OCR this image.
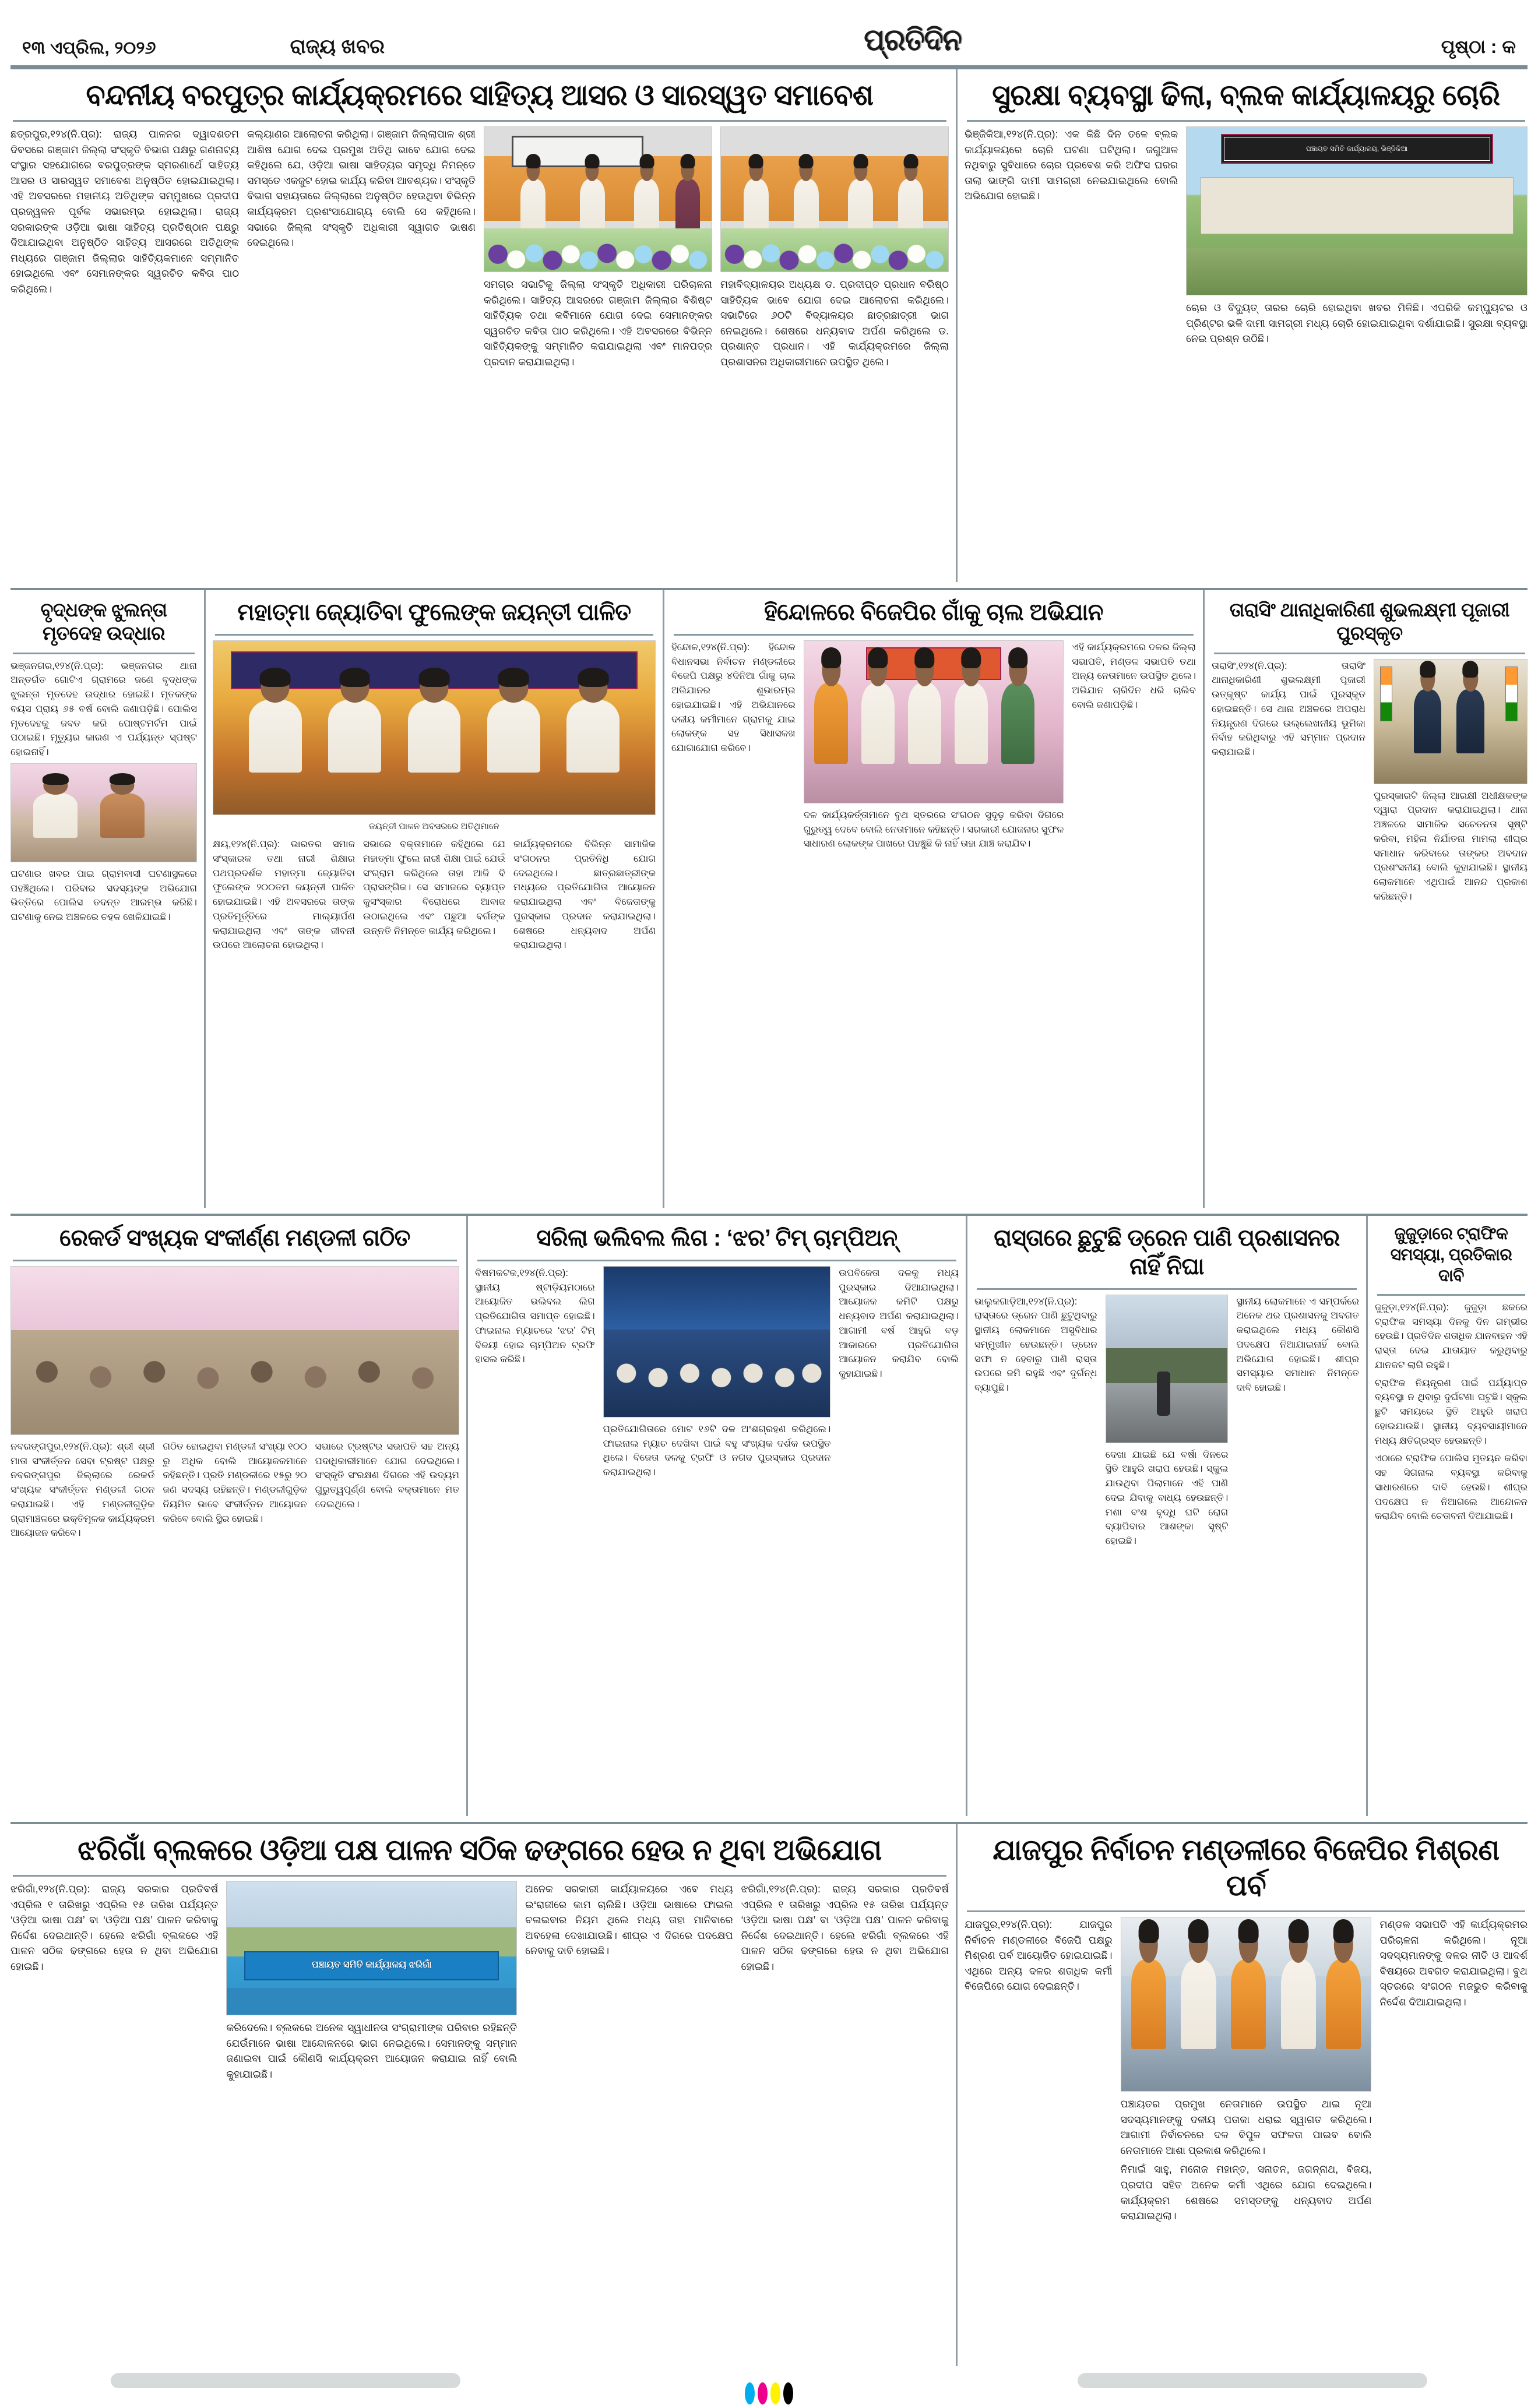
୧୩ ଏପ୍ରିଲ, ୨୦୨୬	ରାଜ୍ୟ ଖବର	ପ୍ରତିଦିନ	ପୃଷ୍ଠା : କ
ବନ୍ଦନୀୟ ବରପୁତ୍ର କାର୍ଯ୍ୟକ୍ରମରେ ସାହିତ୍ୟ ଆସର ଓ ସାରସ୍ୱତ ସମାବେଶ

ଛତ୍ରପୁର,୧୨୪(ନି.ପ୍ର): ରାଜ୍ୟ ପାଳନର ଦ୍ୱାଦଶତମ ଦିବସରେ ଗଞ୍ଜାମ ଜିଲ୍ଲା ସଂସ୍କୃତି ବିଭାଗ ପକ୍ଷରୁ ଗଣନାଟ୍ୟ ସଂସ୍ଥାର ସହଯୋଗରେ ବରପୁତ୍ରଙ୍କ ସ୍ମରଣାର୍ଥେ ସାହିତ୍ୟ ଆସର ଓ ସାରସ୍ୱତ ସମାବେଶ ଅନୁଷ୍ଠିତ ହୋଇଯାଇଥିଲା। ଏହି ଅବସରରେ ମହାନୀୟ ଅତିଥିଙ୍କ ସମ୍ମୁଖରେ ପ୍ରଦୀପ ପ୍ରଜ୍ୱଳନ ପୂର୍ବକ ସଭାରମ୍ଭ ହୋଇଥିଲା। ରାଜ୍ୟ ସରକାରଙ୍କ ଓଡ଼ିଆ ଭାଷା ସାହିତ୍ୟ ପ୍ରତିଷ୍ଠାନ ପକ୍ଷରୁ ଦିଆଯାଇଥିବା ଅନୁଷ୍ଠିତ ସାହିତ୍ୟ ଆସରରେ ଅତିଥିଙ୍କ ମଧ୍ୟରେ ଗଞ୍ଜାମ ଜିଲ୍ଲାର ସାହିତ୍ୟିକମାନେ ସମ୍ମାନିତ ହୋଇଥିଲେ ଏବଂ ସେମାନଙ୍କର ସ୍ୱରଚିତ କବିତା ପାଠ କରିଥିଲେ।

କଲ୍ୟାଣର ଆଲୋଚନା କରିଥିଲା। ଗଞ୍ଜାମ ଜିଲ୍ଲାପାଳ ଶ୍ରୀ ଆଶିଷ ଯୋଗ ଦେଇ ପ୍ରମୁଖ ଅତିଥି ଭାବେ ଯୋଗ ଦେଇ କହିଥିଲେ ଯେ, ଓଡ଼ିଆ ଭାଷା ସାହିତ୍ୟର ସମୃଦ୍ଧି ନିମନ୍ତେ ସମସ୍ତେ ଏକଜୁଟ ହୋଇ କାର୍ଯ୍ୟ କରିବା ଆବଶ୍ୟକ। ସଂସ୍କୃତି ବିଭାଗ ସହାୟତାରେ ଜିଲ୍ଲାରେ ଅନୁଷ୍ଠିତ ହେଉଥିବା ବିଭିନ୍ନ କାର୍ଯ୍ୟକ୍ରମ ପ୍ରଶଂସାଯୋଗ୍ୟ ବୋଲି ସେ କହିଥିଲେ। ସଭାରେ ଜିଲ୍ଲା ସଂସ୍କୃତି ଅଧିକାରୀ ସ୍ୱାଗତ ଭାଷଣ ଦେଇଥିଲେ।

ସମଗ୍ର ସଭାଟିକୁ ଜିଲ୍ଲା ସଂସ୍କୃତି ଅଧିକାରୀ ପରିଚାଳନା କରିଥିଲେ। ସାହିତ୍ୟ ଆସରରେ ଗଞ୍ଜାମ ଜିଲ୍ଲାର ବିଶିଷ୍ଟ ସାହିତ୍ୟିକ ତଥା କବିମାନେ ଯୋଗ ଦେଇ ସେମାନଙ୍କର ସ୍ୱରଚିତ କବିତା ପାଠ କରିଥିଲେ। ଏହି ଅବସରରେ ବିଭିନ୍ନ ସାହିତ୍ୟିକଙ୍କୁ ସମ୍ମାନିତ କରାଯାଇଥିଲା ଏବଂ ମାନପତ୍ର ପ୍ରଦାନ କରାଯାଇଥିଲା।

ମହାବିଦ୍ୟାଳୟର ଅଧ୍ୟକ୍ଷ ଡ. ପ୍ରଦୀପ୍ତ ପ୍ରଧାନ ବରିଷ୍ଠ ସାହିତ୍ୟିକ ଭାବେ ଯୋଗ ଦେଇ ଆଲୋଚନା କରିଥିଲେ। ସଭାଟିରେ ୬୦ଟି ବିଦ୍ୟାଳୟର ଛାତ୍ରଛାତ୍ରୀ ଭାଗ ନେଇଥିଲେ। ଶେଷରେ ଧନ୍ୟବାଦ ଅର୍ପଣ କରିଥିଲେ ଡ. ପ୍ରଶାନ୍ତ ପ୍ରଧାନ। ଏହି କାର୍ଯ୍ୟକ୍ରମରେ ଜିଲ୍ଲା ପ୍ରଶାସନର ଅଧିକାରୀମାନେ ଉପସ୍ଥିତ ଥିଲେ।

ସୁରକ୍ଷା ବ୍ୟବସ୍ଥା ଢିଲା, ବ୍ଲକ କାର୍ଯ୍ୟାଳୟରୁ ଚୋରି

ଭିଞ୍ଜିକିଆ,୧୨୪(ନି.ପ୍ର): ଏକ କିଛି ଦିନ ତଳେ ବ୍ଲକ କାର୍ଯ୍ୟାଳୟରେ ଚୋରି ଘଟଣା ଘଟିଥିଲା। ଜଗୁଆଳ ନଥିବାରୁ ସୁବିଧାରେ ଚୋର ପ୍ରବେଶ କରି ଅଫିସ ଘରର ତାଲା ଭାଙ୍ଗି ଦାମୀ ସାମଗ୍ରୀ ନେଇଯାଇଥିଲେ ବୋଲି ଅଭିଯୋଗ ହୋଇଛି।

ପଞ୍ଚାୟତ ସମିତି କାର୍ଯ୍ୟାଳୟ, ଭିଞ୍ଜିକିଆ

ଚୋର ଓ ବିଦ୍ୟୁତ୍ ତାରର ଚୋରି ହୋଇଥିବା ଖବର ମିଳିଛି। ଏପରିକି କମ୍ପ୍ୟୁଟର ଓ ପ୍ରିଣ୍ଟର ଭଳି ଦାମୀ ସାମଗ୍ରୀ ମଧ୍ୟ ଚୋରି ହୋଇଯାଇଥିବା ଦର୍ଶାଯାଇଛି। ସୁରକ୍ଷା ବ୍ୟବସ୍ଥା ନେଇ ପ୍ରଶ୍ନ ଉଠିଛି।

ବୃଦ୍ଧଙ୍କ ଝୁଲନ୍ତା ମୃତଦେହ ଉଦ୍ଧାର

ଭଞ୍ଜନଗର,୧୨୪(ନି.ପ୍ର): ଭଞ୍ଜନଗର ଥାନା ଅନ୍ତର୍ଗତ ଗୋଟିଏ ଗ୍ରାମରେ ଜଣେ ବୃଦ୍ଧଙ୍କ ଝୁଲନ୍ତା ମୃତଦେହ ଉଦ୍ଧାର ହୋଇଛି। ମୃତକଙ୍କ ବୟସ ପ୍ରାୟ ୬୫ ବର୍ଷ ବୋଲି ଜଣାପଡ଼ିଛି। ପୋଲିସ ମୃତଦେହକୁ ଜବତ କରି ପୋଷ୍ଟମର୍ଟମ ପାଇଁ ପଠାଇଛି। ମୃତ୍ୟୁର କାରଣ ଏ ପର୍ଯ୍ୟନ୍ତ ସ୍ପଷ୍ଟ ହୋଇନାହିଁ।

ଘଟଣାର ଖବର ପାଇ ଗ୍ରାମବାସୀ ଘଟଣାସ୍ଥଳରେ ପହଞ୍ଚିଥିଲେ। ପରିବାର ସଦସ୍ୟଙ୍କ ଅଭିଯୋଗ ଭିତ୍ତିରେ ପୋଲିସ ତଦନ୍ତ ଆରମ୍ଭ କରିଛି। ଘଟଣାକୁ ନେଇ ଅଞ୍ଚଳରେ ଚହଳ ଖେଳିଯାଇଛି।

ମହାତ୍ମା ଜ୍ୟୋତିବା ଫୁଲେଙ୍କ ଜୟନ୍ତୀ ପାଳିତ
ଜୟନ୍ତୀ ପାଳନ ଅବସରରେ ଅତିଥିମାନେ

କ୍ଷୟ,୧୨୪(ନି.ପ୍ର): ଭାରତର ସମାଜ ସଂସ୍କାରକ ତଥା ନାରୀ ଶିକ୍ଷାର ପଥପ୍ରଦର୍ଶକ ମହାତ୍ମା ଜ୍ୟୋତିବା ଫୁଲେଙ୍କ ୨୦୦ତମ ଜୟନ୍ତୀ ପାଳିତ ହୋଇଯାଇଛି। ଏହି ଅବସରରେ ତାଙ୍କ ପ୍ରତିମୂର୍ତ୍ତିରେ ମାଲ୍ୟାର୍ପଣ କରାଯାଇଥିଲା ଏବଂ ତାଙ୍କ ଜୀବନୀ ଉପରେ ଆଲୋଚନା ହୋଇଥିଲା।

ସଭାରେ ବକ୍ତାମାନେ କହିଥିଲେ ଯେ ମହାତ୍ମା ଫୁଲେ ନାରୀ ଶିକ୍ଷା ପାଇଁ ଯେଉଁ ସଂଗ୍ରାମ କରିଥିଲେ ତାହା ଆଜି ବି ପ୍ରାସଙ୍ଗିକ। ସେ ସମାଜରେ ବ୍ୟାପ୍ତ କୁସଂସ୍କାର ବିରୋଧରେ ଆବାଜ ଉଠାଇଥିଲେ ଏବଂ ପଛୁଆ ବର୍ଗଙ୍କ ଉନ୍ନତି ନିମନ୍ତେ କାର୍ଯ୍ୟ କରିଥିଲେ।

କାର୍ଯ୍ୟକ୍ରମରେ ବିଭିନ୍ନ ସାମାଜିକ ସଂଗଠନର ପ୍ରତିନିଧି ଯୋଗ ଦେଇଥିଲେ। ଛାତ୍ରଛାତ୍ରୀଙ୍କ ମଧ୍ୟରେ ପ୍ରତିଯୋଗିତା ଆୟୋଜନ କରାଯାଇଥିଲା ଏବଂ ବିଜେତାଙ୍କୁ ପୁରସ୍କାର ପ୍ରଦାନ କରାଯାଇଥିଲା। ଶେଷରେ ଧନ୍ୟବାଦ ଅର୍ପଣ କରାଯାଇଥିଲା।

ହିନ୍ଦୋଳରେ ବିଜେପିର ଗାଁକୁ ଚାଲ ଅଭିଯାନ

ହିନ୍ଦୋଳ,୧୨୪(ନି.ପ୍ର): ହିନ୍ଦୋଳ ବିଧାନସଭା ନିର୍ବାଚନ ମଣ୍ଡଳୀରେ ବିଜେପି ପକ୍ଷରୁ ୪ଦିନିଆ ଗାଁକୁ ଚାଲ ଅଭିଯାନର ଶୁଭାରମ୍ଭ ହୋଇଯାଇଛି। ଏହି ଅଭିଯାନରେ ଦଳୀୟ କର୍ମୀମାନେ ଗ୍ରାମକୁ ଯାଇ ଲୋକଙ୍କ ସହ ସିଧାସଳଖ ଯୋଗାଯୋଗ କରିବେ।

ଦଳ କାର୍ଯ୍ୟକର୍ତ୍ତାମାନେ ବୁଥ ସ୍ତରରେ ସଂଗଠନ ସୁଦୃଢ଼ କରିବା ଦିଗରେ ଗୁରୁତ୍ୱ ଦେବେ ବୋଲି ନେତାମାନେ କହିଛନ୍ତି। ସରକାରୀ ଯୋଜନାର ସୁଫଳ ସାଧାରଣ ଲୋକଙ୍କ ପାଖରେ ପହଞ୍ଚୁଛି କି ନାହିଁ ତାହା ଯାଞ୍ଚ କରାଯିବ।

ଏହି କାର୍ଯ୍ୟକ୍ରମରେ ଦଳର ଜିଲ୍ଲା ସଭାପତି, ମଣ୍ଡଳ ସଭାପତି ତଥା ଅନ୍ୟ ନେତାମାନେ ଉପସ୍ଥିତ ଥିଲେ। ଅଭିଯାନ ଚାରିଦିନ ଧରି ଚାଲିବ ବୋଲି ଜଣାପଡ଼ିଛି।

ତାରାସିଂ ଥାନାଧିକାରିଣୀ ଶୁଭଲକ୍ଷ୍ମୀ ପୂଜାରୀ ପୁରସ୍କୃତ

ତାରାସିଂ,୧୨୪(ନି.ପ୍ର): ତାରାସିଂ ଥାନାଧିକାରିଣୀ ଶୁଭଲକ୍ଷ୍ମୀ ପୂଜାରୀ ଉତ୍କୃଷ୍ଟ କାର୍ଯ୍ୟ ପାଇଁ ପୁରସ୍କୃତ ହୋଇଛନ୍ତି। ସେ ଥାନା ଅଞ୍ଚଳରେ ଅପରାଧ ନିୟନ୍ତ୍ରଣ ଦିଗରେ ଉଲ୍ଲେଖନୀୟ ଭୂମିକା ନିର୍ବାହ କରିଥିବାରୁ ଏହି ସମ୍ମାନ ପ୍ରଦାନ କରାଯାଇଛି।

ପୁରସ୍କାରଟି ଜିଲ୍ଲା ଆରକ୍ଷୀ ଅଧୀକ୍ଷକଙ୍କ ଦ୍ୱାରା ପ୍ରଦାନ କରାଯାଇଥିଲା। ଥାନା ଅଞ୍ଚଳରେ ସାମାଜିକ ସଚେତନତା ସୃଷ୍ଟି କରିବା, ମହିଳା ନିର୍ଯାତନା ମାମଲା ଶୀଘ୍ର ସମାଧାନ କରିବାରେ ତାଙ୍କର ଅବଦାନ ପ୍ରଶଂସନୀୟ ବୋଲି କୁହାଯାଇଛି। ସ୍ଥାନୀୟ ଲୋକମାନେ ଏଥିପାଇଁ ଆନନ୍ଦ ପ୍ରକାଶ କରିଛନ୍ତି।

ରେକର୍ଡ ସଂଖ୍ୟକ ସଂକୀର୍ଣ୍ଣ ମଣ୍ଡଳୀ ଗଠିତ

ନବରଙ୍ଗପୁର,୧୨୪(ନି.ପ୍ର): ଶ୍ରୀ ଶ୍ରୀ ମାତା ସଂକୀର୍ତ୍ତନ ସେବା ଟ୍ରଷ୍ଟ ପକ୍ଷରୁ ନବରଙ୍ଗପୁର ଜିଲ୍ଲାରେ ରେକର୍ଡ ସଂଖ୍ୟକ ସଂକୀର୍ତ୍ତନ ମଣ୍ଡଳୀ ଗଠନ କରାଯାଇଛି। ଏହି ମଣ୍ଡଳୀଗୁଡ଼ିକ ଗ୍ରାମାଞ୍ଚଳରେ ଭକ୍ତିମୂଳକ କାର୍ଯ୍ୟକ୍ରମ ଆୟୋଜନ କରିବେ।

ଗଠିତ ହୋଇଥିବା ମଣ୍ଡଳୀ ସଂଖ୍ୟା ୧୦୦ ରୁ ଅଧିକ ବୋଲି ଆୟୋଜକମାନେ କହିଛନ୍ତି। ପ୍ରତି ମଣ୍ଡଳୀରେ ୧୫ରୁ ୨୦ ଜଣ ସଦସ୍ୟ ରହିଛନ୍ତି। ମଣ୍ଡଳୀଗୁଡ଼ିକ ନିୟମିତ ଭାବେ ସଂକୀର୍ତ୍ତନ ଆୟୋଜନ କରିବେ ବୋଲି ସ୍ଥିର ହୋଇଛି।

ସଭାରେ ଟ୍ରଷ୍ଟର ସଭାପତି ସହ ଅନ୍ୟ ପଦାଧିକାରୀମାନେ ଯୋଗ ଦେଇଥିଲେ। ସଂସ୍କୃତି ସଂରକ୍ଷଣ ଦିଗରେ ଏହି ଉଦ୍ୟମ ଗୁରୁତ୍ୱପୂର୍ଣ୍ଣ ବୋଲି ବକ୍ତାମାନେ ମତ ଦେଇଥିଲେ।

ସରିଲା ଭଲିବଲ ଲିଗ : ‘ଝର’ ଟିମ୍ ଚାମ୍ପିଅନ୍

ବିଷମକଟକ,୧୨୪(ନି.ପ୍ର): ସ୍ଥାନୀୟ ଷ୍ଟାଡ଼ିୟମଠାରେ ଆୟୋଜିତ ଭଲିବଲ ଲିଗ ପ୍ରତିଯୋଗିତା ସମାପ୍ତ ହୋଇଛି। ଫାଇନାଲ ମ୍ୟାଚରେ ‘ଝର’ ଟିମ୍ ବିଜୟୀ ହୋଇ ଚାମ୍ପିଅନ ଟ୍ରଫି ହାସଲ କରିଛି।

ପ୍ରତିଯୋଗିତାରେ ମୋଟ ୧୬ଟି ଦଳ ଅଂଶଗ୍ରହଣ କରିଥିଲେ। ଫାଇନାଲ ମ୍ୟାଚ ଦେଖିବା ପାଇଁ ବହୁ ସଂଖ୍ୟକ ଦର୍ଶକ ଉପସ୍ଥିତ ଥିଲେ। ବିଜେତା ଦଳକୁ ଟ୍ରଫି ଓ ନଗଦ ପୁରସ୍କାର ପ୍ରଦାନ କରାଯାଇଥିଲା।

ଉପବିଜେତା ଦଳକୁ ମଧ୍ୟ ପୁରସ୍କାର ଦିଆଯାଇଥିଲା। ଆୟୋଜକ କମିଟି ପକ୍ଷରୁ ଧନ୍ୟବାଦ ଅର୍ପଣ କରାଯାଇଥିଲା। ଆଗାମୀ ବର୍ଷ ଆହୁରି ବଡ଼ ଆକାରରେ ପ୍ରତିଯୋଗିତା ଆୟୋଜନ କରାଯିବ ବୋଲି କୁହାଯାଇଛି।

ରାସ୍ତାରେ ଛୁଟୁଛି ଡ୍ରେନ ପାଣି ପ୍ରଶାସନର ନାହିଁ ନିଘା

ଭାଲୁକଗାଡ଼ିଆ,୧୨୪(ନି.ପ୍ର): ରାସ୍ତାରେ ଡ୍ରେନ ପାଣି ଛୁଟୁଥିବାରୁ ସ୍ଥାନୀୟ ଲୋକମାନେ ଅସୁବିଧାର ସମ୍ମୁଖୀନ ହେଉଛନ୍ତି। ଡ୍ରେନ ସଫା ନ ହେବାରୁ ପାଣି ରାସ୍ତା ଉପରେ ଜମି ରହୁଛି ଏବଂ ଦୁର୍ଗନ୍ଧ ବ୍ୟାପୁଛି।

ଦେଖା ଯାଇଛି ଯେ ବର୍ଷା ଦିନରେ ସ୍ଥିତି ଆହୁରି ଖରାପ ହେଉଛି। ସ୍କୁଲ ଯାଉଥିବା ପିଲାମାନେ ଏହି ପାଣି ଦେଇ ଯିବାକୁ ବାଧ୍ୟ ହେଉଛନ୍ତି। ମଶା ବଂଶ ବୃଦ୍ଧି ଘଟି ରୋଗ ବ୍ୟାପିବାର ଆଶଙ୍କା ସୃଷ୍ଟି ହୋଇଛି।

ସ୍ଥାନୀୟ ଲୋକମାନେ ଏ ସମ୍ପର୍କରେ ଅନେକ ଥର ପ୍ରଶାସନକୁ ଅବଗତ କରାଇଥିଲେ ମଧ୍ୟ କୌଣସି ପଦକ୍ଷେପ ନିଆଯାଇନାହିଁ ବୋଲି ଅଭିଯୋଗ ହୋଇଛି। ଶୀଘ୍ର ସମସ୍ୟାର ସମାଧାନ ନିମନ୍ତେ ଦାବି ହୋଇଛି।

ଜୁଜୁଡ଼ାରେ ଟ୍ରାଫିକ ସମସ୍ୟା, ପ୍ରତିକାର ଦାବି

ଜୁଜୁଡ଼ା,୧୨୪(ନି.ପ୍ର): ଜୁଜୁଡ଼ା ଛକରେ ଟ୍ରାଫିକ ସମସ୍ୟା ଦିନକୁ ଦିନ ଗମ୍ଭୀର ହେଉଛି। ପ୍ରତିଦିନ ଶତାଧିକ ଯାନବାହନ ଏହି ରାସ୍ତା ଦେଇ ଯାତାୟାତ କରୁଥିବାରୁ ଯାନଜଟ ଲାଗି ରହୁଛି।

ଟ୍ରାଫିକ ନିୟନ୍ତ୍ରଣ ପାଇଁ ପର୍ଯ୍ୟାପ୍ତ ବ୍ୟବସ୍ଥା ନ ଥିବାରୁ ଦୁର୍ଘଟଣା ଘଟୁଛି। ସ୍କୁଲ ଛୁଟି ସମୟରେ ସ୍ଥିତି ଆହୁରି ଖରାପ ହୋଇଯାଉଛି। ସ୍ଥାନୀୟ ବ୍ୟବସାୟୀମାନେ ମଧ୍ୟ କ୍ଷତିଗ୍ରସ୍ତ ହେଉଛନ୍ତି।

ଏଠାରେ ଟ୍ରାଫିକ ପୋଲିସ ମୁତୟନ କରିବା ସହ ସିଗନାଲ ବ୍ୟବସ୍ଥା କରିବାକୁ ସାଧାରଣରେ ଦାବି ହେଉଛି। ଶୀଘ୍ର ପଦକ୍ଷେପ ନ ନିଆଗଲେ ଆନ୍ଦୋଳନ କରାଯିବ ବୋଲି ଚେତାବନୀ ଦିଆଯାଇଛି।

ଝରିଗାଁ ବ୍ଲକରେ ଓଡ଼ିଆ ପକ୍ଷ ପାଳନ ସଠିକ ଢଙ୍ଗରେ ହେଉ ନ ଥିବା ଅଭିଯୋଗ

ଝରିଗାଁ,୧୨୪(ନି.ପ୍ର): ରାଜ୍ୟ ସରକାର ପ୍ରତିବର୍ଷ ଏପ୍ରିଲ ୧ ତାରିଖରୁ ଏପ୍ରିଲ ୧୫ ତାରିଖ ପର୍ଯ୍ୟନ୍ତ ‘ଓଡ଼ିଆ ଭାଷା ପକ୍ଷ’ ବା ‘ଓଡ଼ିଆ ପକ୍ଷ’ ପାଳନ କରିବାକୁ ନିର୍ଦ୍ଦେଶ ଦେଇଥାନ୍ତି। ହେଲେ ଝରିଗାଁ ବ୍ଲକରେ ଏହି ପାଳନ ସଠିକ ଢଙ୍ଗରେ ହେଉ ନ ଥିବା ଅଭିଯୋଗ ହୋଇଛି।	ପଞ୍ଚାୟତ ସମିତି କାର୍ଯ୍ୟାଳୟ ଝରିଗାଁ

କରିଦେଲେ। ବ୍ଲକରେ ଅନେକ ସ୍ୱାଧୀନତା ସଂଗ୍ରାମୀଙ୍କ ପରିବାର ରହିଛନ୍ତି ଯେଉଁମାନେ ଭାଷା ଆନ୍ଦୋଳନରେ ଭାଗ ନେଇଥିଲେ। ସେମାନଙ୍କୁ ସମ୍ମାନ ଜଣାଇବା ପାଇଁ କୌଣସି କାର୍ଯ୍ୟକ୍ରମ ଆୟୋଜନ କରାଯାଇ ନାହିଁ ବୋଲି କୁହାଯାଇଛି।

ଅନେକ ସରକାରୀ କାର୍ଯ୍ୟାଳୟରେ ଏବେ ମଧ୍ୟ ଇଂରାଜୀରେ କାମ ଚାଲିଛି। ଓଡ଼ିଆ ଭାଷାରେ ଫାଇଲ ଚଳାଇବାର ନିୟମ ଥିଲେ ମଧ୍ୟ ତାହା ମାନିବାରେ ଅବହେଳା ଦେଖାଯାଉଛି। ଶୀଘ୍ର ଏ ଦିଗରେ ପଦକ୍ଷେପ ନେବାକୁ ଦାବି ହୋଇଛି।

ଝରିଗାଁ,୧୨୪(ନି.ପ୍ର): ରାଜ୍ୟ ସରକାର ପ୍ରତିବର୍ଷ ଏପ୍ରିଲ ୧ ତାରିଖରୁ ଏପ୍ରିଲ ୧୫ ତାରିଖ ପର୍ଯ୍ୟନ୍ତ ‘ଓଡ଼ିଆ ଭାଷା ପକ୍ଷ’ ବା ‘ଓଡ଼ିଆ ପକ୍ଷ’ ପାଳନ କରିବାକୁ ନିର୍ଦ୍ଦେଶ ଦେଇଥାନ୍ତି। ହେଲେ ଝରିଗାଁ ବ୍ଲକରେ ଏହି ପାଳନ ସଠିକ ଢଙ୍ଗରେ ହେଉ ନ ଥିବା ଅଭିଯୋଗ ହୋଇଛି।

ଯାଜପୁର ନିର୍ବାଚନ ମଣ୍ଡଳୀରେ ବିଜେପିର ମିଶ୍ରଣ ପର୍ବ

ଯାଜପୁର,୧୨୪(ନି.ପ୍ର): ଯାଜପୁର ନିର୍ବାଚନ ମଣ୍ଡଳୀରେ ବିଜେପି ପକ୍ଷରୁ ମିଶ୍ରଣ ପର୍ବ ଆୟୋଜିତ ହୋଇଯାଇଛି। ଏଥିରେ ଅନ୍ୟ ଦଳର ଶତାଧିକ କର୍ମୀ ବିଜେପିରେ ଯୋଗ ଦେଇଛନ୍ତି।

ପଞ୍ଚାୟତର ପ୍ରମୁଖ ନେତାମାନେ ଉପସ୍ଥିତ ଥାଇ ନୂଆ ସଦସ୍ୟମାନଙ୍କୁ ଦଳୀୟ ପତାକା ଧରାଇ ସ୍ୱାଗତ କରିଥିଲେ। ଆଗାମୀ ନିର୍ବାଚନରେ ଦଳ ବିପୁଳ ସଫଳତା ପାଇବ ବୋଲି ନେତାମାନେ ଆଶା ପ୍ରକାଶ କରିଥିଲେ।

ନିମାଇଁ ସାହୁ, ମନୋଜ ମହାନ୍ତ, ସନାତନ, ଜଗନ୍ନାଥ, ବିଜୟ, ପ୍ରଦୀପ ସହିତ ଅନେକ କର୍ମୀ ଏଥିରେ ଯୋଗ ଦେଇଥିଲେ। କାର୍ଯ୍ୟକ୍ରମ ଶେଷରେ ସମସ୍ତଙ୍କୁ ଧନ୍ୟବାଦ ଅର୍ପଣ କରାଯାଇଥିଲା।

ମଣ୍ଡଳ ସଭାପତି ଏହି କାର୍ଯ୍ୟକ୍ରମର ପରିଚାଳନା କରିଥିଲେ। ନୂଆ ସଦସ୍ୟମାନଙ୍କୁ ଦଳର ନୀତି ଓ ଆଦର୍ଶ ବିଷୟରେ ଅବଗତ କରାଯାଇଥିଲା। ବୁଥ ସ୍ତରରେ ସଂଗଠନ ମଜଭୁତ କରିବାକୁ ନିର୍ଦ୍ଦେଶ ଦିଆଯାଇଥିଲା।
